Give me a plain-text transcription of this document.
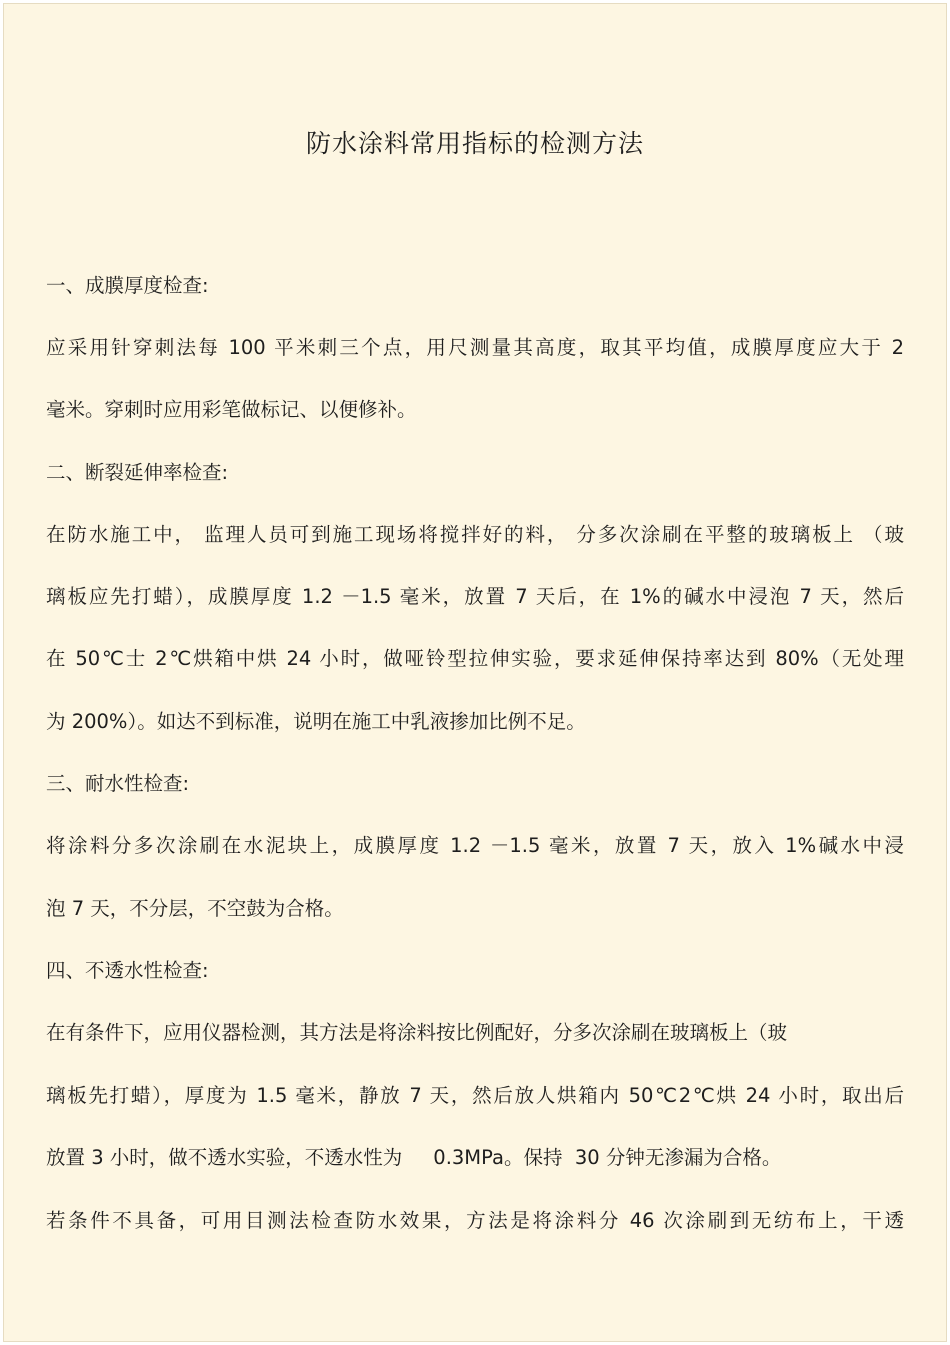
防水涂料常用指标的检测方法
一、成膜厚度检查:
应采用针穿刺法每 100 平米刺三个点，用尺测量其高度，取其平均值，成膜厚度应大于 2
毫米。穿刺时应用彩笔做标记、以便修补。
二、断裂延伸率检查:
在防水施工中， 监理人员可到施工现场将搅拌好的料， 分多次涂刷在平整的玻璃板上 （玻
璃板应先打蜡），成膜厚度 1.2 －1.5 毫米，放置 7 天后，在 1%的碱水中浸泡 7 天，然后
在 50℃士 2℃烘箱中烘 24 小时，做哑铃型拉伸实验，要求延伸保持率达到 80%（无处理
为 200%）。如达不到标准，说明在施工中乳液掺加比例不足。
三、耐水性检查:
将涂料分多次涂刷在水泥块上，成膜厚度 1.2 －1.5 毫米，放置 7 天，放入 1%碱水中浸
泡 7 天，不分层，不空鼓为合格。
四、不透水性检查:
在有条件下，应用仪器检测，其方法是将涂料按比例配好，分多次涂刷在玻璃板上（玻
璃板先打蜡），厚度为 1.5 毫米，静放 7 天，然后放人烘箱内 50℃2℃烘 24 小时，取出后
放置 3 小时，做不透水实验，不透水性为     0.3MPa。保持  30 分钟无渗漏为合格。
若条件不具备，可用目测法检查防水效果，方法是将涂料分 46 次涂刷到无纺布上，干透
